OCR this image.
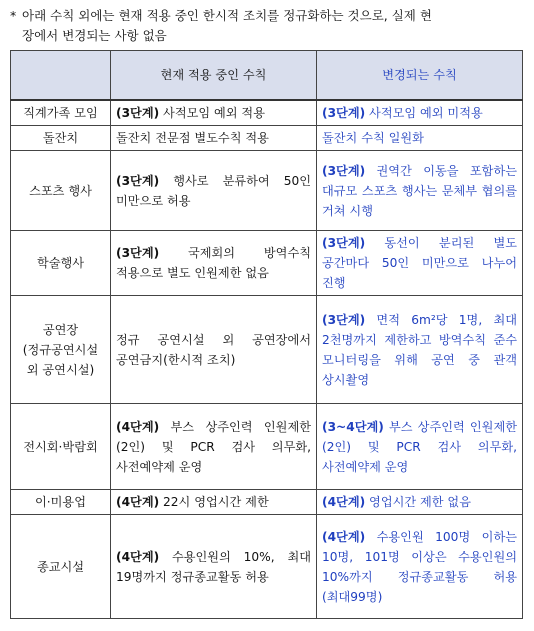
* 아래 수칙 외에는 현재 적용 중인 한시적 조치를 정규화하는 것으로, 실제 현
장에서 변경되는 사항 없음
	현재 적용 중인 수칙	변경되는 수칙
직계가족 모임	(3단계) 사적모임 예외 적용	(3단계) 사적모임 예외 미적용
돌잔치	돌잔치 전문점 별도수칙 적용	돌잔치 수칙 일원화
스포츠 행사	(3단계) 행사로 분류하여 50인 미만으로 허용	(3단계) 권역간 이동을 포함하는 대규모 스포츠 행사는 문체부 협의를 거쳐 시행
학술행사	(3단계) 국제회의 방역수칙 적용으로 별도 인원제한 없음	(3단계) 동선이 분리된 별도 공간마다 50인 미만으로 나누어 진행

공연장
(정규공연시설
외 공연시설)	정규 공연시설 외 공연장에서 공연금지(한시적 조치)	(3단계) 면적 6m²당 1명, 최대 2천명까지 제한하고 방역수칙 준수 모니터링을 위해 공연 중 관객 상시촬영
전시회·박람회	(4단계) 부스 상주인력 인원제한(2인) 및 PCR 검사 의무화, 사전예약제 운영	(3~4단계) 부스 상주인력 인원제한(2인) 및 PCR 검사 의무화, 사전예약제 운영
이·미용업	(4단계) 22시 영업시간 제한	(4단계) 영업시간 제한 없음
종교시설	(4단계) 수용인원의 10%, 최대 19명까지 정규종교활동 허용	(4단계) 수용인원 100명 이하는 10명, 101명 이상은 수용인원의 10%까지 정규종교활동 허용(최대99명)
